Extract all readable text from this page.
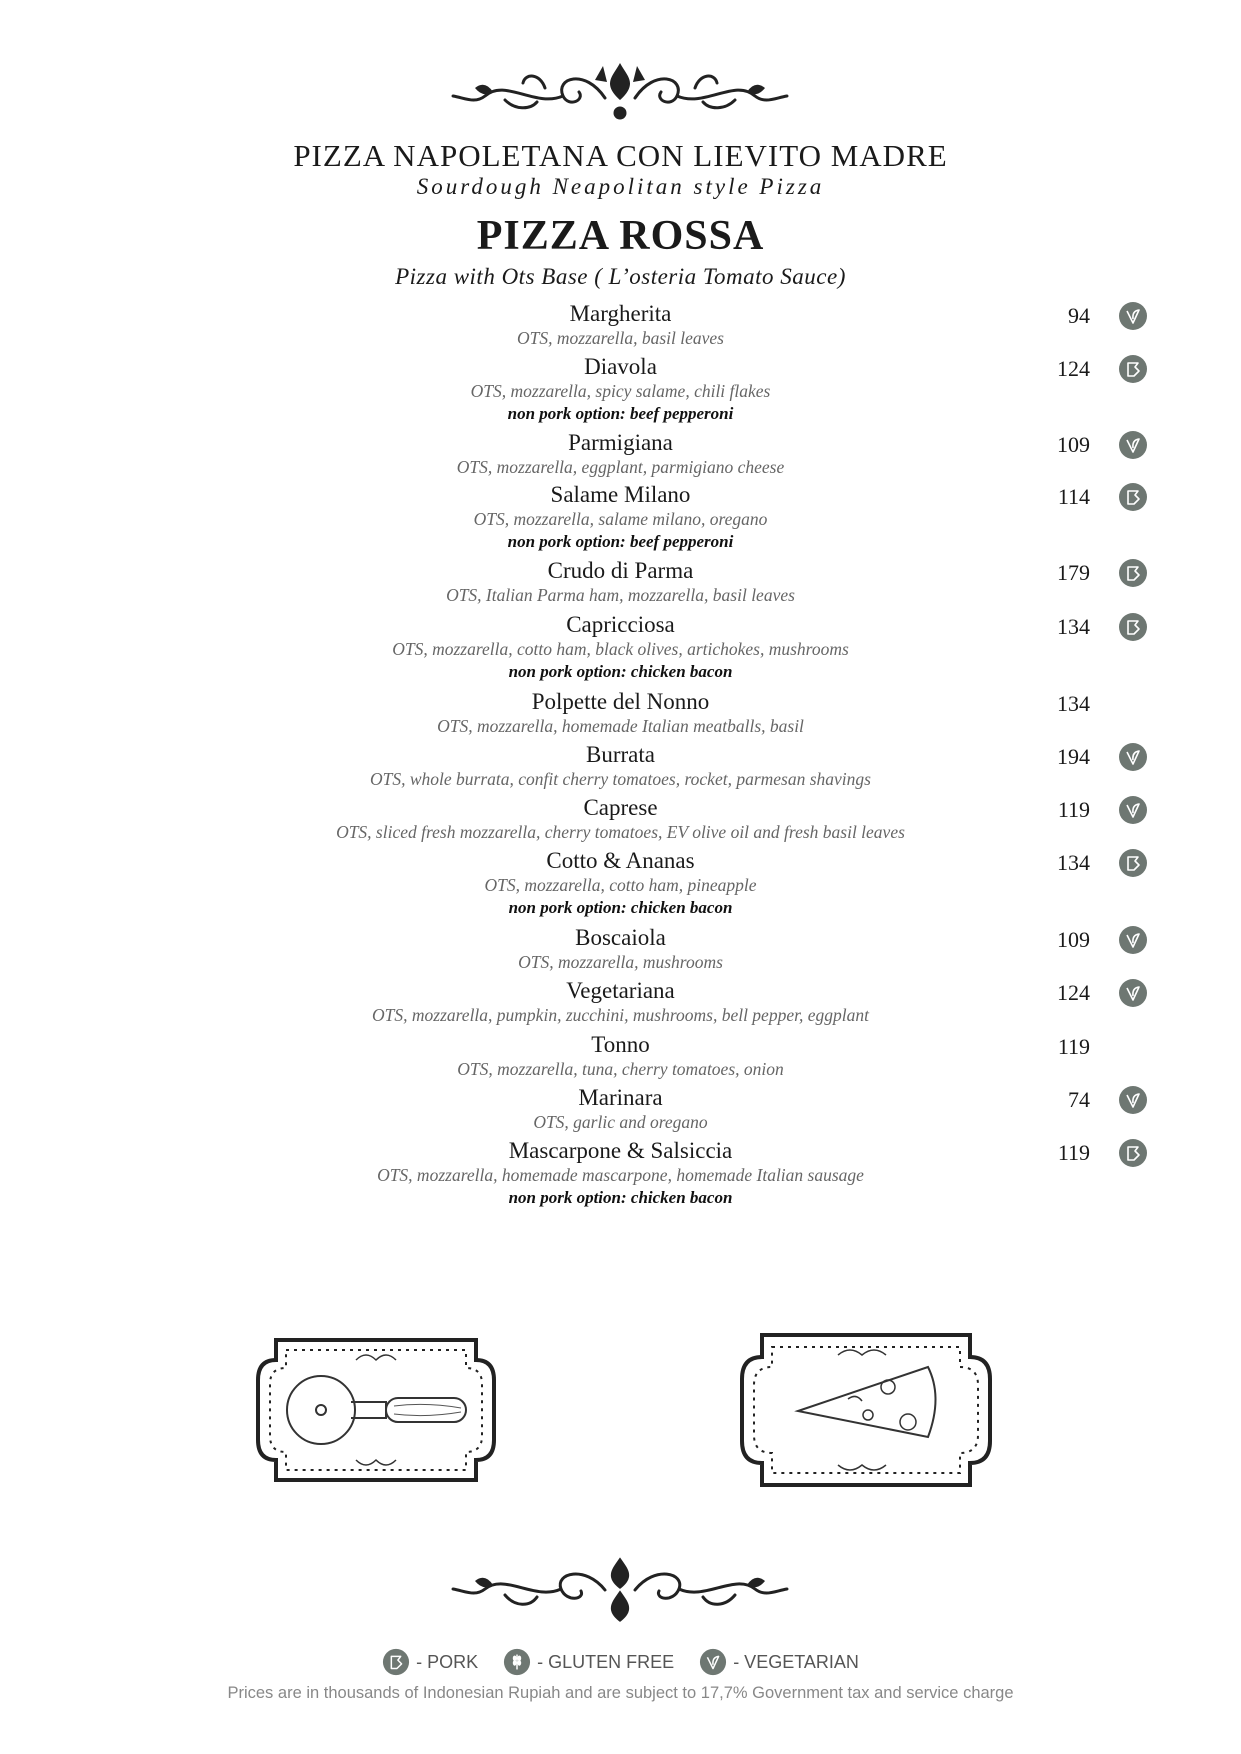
PIZZA NAPOLETANA CON LIEVITO MADRE
Sourdough Neapolitan style Pizza
PIZZA ROSSA
Pizza with Ots Base ( L’osteria Tomato Sauce)
Margherita
OTS, mozzarella, basil leaves
94
Diavola
OTS, mozzarella, spicy salame, chili flakes
non pork option: beef pepperoni
124
Parmigiana
OTS, mozzarella, eggplant, parmigiano cheese
109
Salame Milano
OTS, mozzarella, salame milano, oregano
non pork option: beef pepperoni
114
Crudo di Parma
OTS, Italian Parma ham, mozzarella, basil leaves
179
Capricciosa
OTS, mozzarella, cotto ham, black olives, artichokes, mushrooms
non pork option: chicken bacon
134
Polpette del Nonno
OTS, mozzarella, homemade Italian meatballs, basil
134
Burrata
OTS, whole burrata, confit cherry tomatoes, rocket, parmesan shavings
194
Caprese
OTS, sliced fresh mozzarella, cherry tomatoes, EV olive oil and fresh basil leaves
119
Cotto & Ananas
OTS, mozzarella, cotto ham, pineapple
non pork option: chicken bacon
134
Boscaiola
OTS, mozzarella, mushrooms
109
Vegetariana
OTS, mozzarella, pumpkin, zucchini, mushrooms, bell pepper, eggplant
124
Tonno
OTS, mozzarella, tuna, cherry tomatoes, onion
119
Marinara
OTS, garlic and oregano
74
Mascarpone & Salsiccia
OTS, mozzarella, homemade mascarpone, homemade Italian sausage
non pork option: chicken bacon
119
- PORK
	- GLUTEN FREE
	- VEGETARIAN
Prices are in thousands of Indonesian Rupiah and are subject to 17,7% Government tax and service charge
